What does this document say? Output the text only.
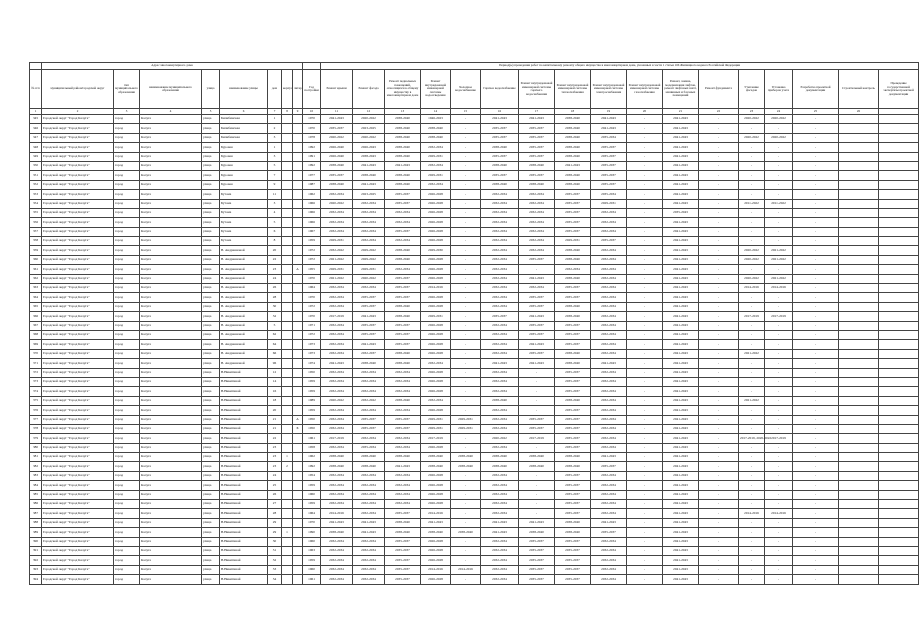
	Адрес многоквартирного дома									Период(ы) проведения работ по капитальному ремонту общего имущества в многоквартирном доме, указанных в части 1 статьи 166 Жилищного кодекса Российской Федерации																
№ п/п	муниципальный район/городской округ	тип муниципального образования	наименование муниципального образования	улица	наименование улицы	дом	корпус	литер	Год постройки	Ремонт крыши	Ремонт фасада	Ремонт подвальных помещений, относящихся к общему имуществу в многоквартирном доме	Ремонт внутридомовой инженерной системы водоотведения	Холодное водоснабжение	Горячее водоснабжение	Ремонт внутридомовой инженерной системы горячего водоснабжения	Ремонт внутридомовой инженерной системы теплоснабжения	Ремонт внутридомовой инженерной системы электроснабжения	Ремонт внутридомовой инженерной системы газоснабжения	Ремонт, замена, модернизация лифтов, ремонт лифтовых шахт, машинных и блочных помещений	Ремонт фундамента	Утепление фасадов	Установка приборов учета	Разработка проектной документации	Строительный контроль	Проведение государственной экспертизы проектной документации
1	2	3	4	5	6	7	8	9	10	11	12	13	14	15	16	17	18	19	20	21	22	23	24	25	26	
345	Городской округ "Город Калуга"	город	Калуга	улица	Билибинская	1			1970	2041-2043	2020-2022	2038-2040	1946-2023	-	2041-2043	2041-2043	2038-2040	2041-2043	-	2041-2043	-	2020-2022	2020-2022	-		
346	Городской округ "Город Калуга"	город	Калуга	улица	Билибинская	2			1970	2035-2037	2023-2025	2038-2040	2038-2040	-	2035-2037	2035-2037	2038-2040	2041-2043	-	2041-2043	-	-	-	-		
347	Городской округ "Город Калуга"	город	Калуга	улица	Билибинская	3			1978	2020-2022	2020-2022	2038-2040	2038-2040	-	2035-2037	2035-2037	2038-2040	2035-2034	-	2041-2043	-	2020-2022	2020-2022	-		
348	Городской округ "Город Калуга"	город	Калуга	улица	Буровая	1			1992	2026-2040	2026-2043	2038-2040	2032-2034	-	2038-2040	2035-2037	2038-2040	2035-2037	-	2041-2043	-	-	-	-		
349	Городской округ "Город Калуга"	город	Калуга	улица	Буровая	3			1991	2026-2040	2038-2043	2038-2040	2029-2031	-	2035-2037	2035-2037	2038-2040	2035-2037	-	2041-2043	-	-	-	-		
350	Городской округ "Город Калуга"	город	Калуга	улица	Буровая	5			1992	2038-2040	2041-2043	2041-2043	2032-2034	-	2038-2040	2038-2040	2041-2043	2035-2037	-	2041-2043	-	-	-	-		
351	Городской округ "Город Калуга"	город	Калуга	улица	Буровая	7			1977	2035-2037	2038-2040	2038-2040	2029-2031	-	2035-2037	2035-2037	2038-2040	2035-2037	-	2041-2043	-	-	-	-		
352	Городской округ "Город Калуга"	город	Калуга	улица	Буровая	9			1987	2038-2040	2041-2043	2038-2040	2032-2034	-	2038-2040	2038-2040	2038-2040	2035-2037	-	2041-2043	-	-	-	-		
353	Городской округ "Город Калуга"	город	Калуга	улица	Бутома	11			1962	2032-2034	2023-2025	2035-2037	2026-2028	-	2032-2034	2032-2034	2035-2037	2035-2034	-	2041-2043	-	-	-	-		
354	Городской округ "Город Калуга"	город	Калуга	улица	Бутома	3			1966	2020-2022	2032-2034	2035-2037	2026-2028	-	2032-2034	2032-2034	2035-2037	2029-2031	-	2041-2043	-	2011-2022	2011-2022	-		
355	Городской округ "Город Калуга"	город	Калуга	улица	Бутома	4			1966	2032-2034	2032-2034	2032-2034	2026-2028	-	2032-2034	2032-2034	2035-2037	2032-2034	-	2035-2043	-	-	-	-		
356	Городской округ "Город Калуга"	город	Калуга	улица	Бутома	5			1966	2032-2034	2032-2034	2032-2034	2026-2028	-	2032-2034	2032-2034	2035-2037	2032-2034	-	2041-2043	-	-	-	-		
357	Городской округ "Город Калуга"	город	Калуга	улица	Бутома	6			1967	2032-2034	2032-2034	2035-2037	2026-2028	-	2032-2034	2032-2034	2035-2037	2032-2034	-	2041-2043	-	-	-	-		
358	Городской округ "Город Калуга"	город	Калуга	улица	Бутома	8			1959	2029-2031	2032-2034	2032-2034	2026-2028	-	2032-2034	2032-2034	2029-2031	2035-2037	-	2041-2043	-	-	-	-		
359	Городской округ "Город Калуга"	город	Калуга	улица	В. Андриановой	20			1972	2032-2022	2029-2022	2038-2040	2029-2030	-	2032-2034	2032-2034	2038-2040	2032-2034	-	2041-2043	-	2020-2022	2021-2022	-		
360	Городской округ "Город Калуга"	город	Калуга	улица	В. Андриановой	22			1972	2021-2022	2029-2022	2038-2040	2026-2028	-	2032-2034	2035-2037	2038-2040	2032-2034	-	2041-2043	-	2020-2022	2021-2022	-		
361	Городской округ "Город Калуга"	город	Калуга	улица	В. Андриановой	23		А	1955	2029-2031	2029-2031	2032-2034	2026-2028	-	2032-2034	-	2032-2034	2032-2034	-	2041-2043	-	-	-	-		
362	Городской округ "Город Калуга"	город	Калуга	улица	В. Андриановой	24			1970	2021-2022	2020-2022	2035-2037	2026-2028	-	2032-2034	2041-2043	2038-2040	2032-2034	-	2041-2043	-	2020-2022	2021-2022	-		
363	Городской округ "Город Калуга"	город	Калуга	улица	В. Андриановой	26			1964	2032-2034	2032-2034	2035-2037	2014-2016	-	2032-2034	2032-2034	2035-2037	2032-2034	-	2041-2043	-	2014-2016	2014-2016	-		
364	Городской округ "Город Калуга"	город	Калуга	улица	В. Андриановой	28			1970	2032-2034	2035-2037	2035-2037	2026-2028	-	2032-2034	2035-2037	2035-2037	2032-2034	-	2041-2043	-	-	-	-		
365	Городской округ "Город Калуга"	город	Калуга	улица	В. Андриановой	30			1972	2032-2034	2035-2037	2038-2040	2026-2028	-	2032-2034	2035-2037	2038-2040	2032-2034	-	2041-2043	-	-	-	-		
366	Городской округ "Город Калуга"	город	Калуга	улица	В. Андриановой	32			1970	2017-2019	2041-2043	2038-2040	2029-2031	-	2035-2037	2041-2043	2038-2040	2032-2034	-	2041-2043	-	2017-2019	2017-2019	-		
367	Городской округ "Город Калуга"	город	Калуга	улица	В. Андриановой	5			1971	2032-2034	2035-2037	2035-2037	2026-2028	-	2032-2034	2035-2037	2035-2037	2032-2034	-	2041-2043	-	-	-	-		
368	Городской округ "Город Калуга"	город	Калуга	улица	В. Андриановой	62			1972	2032-2034	2035-2037	2035-2037	2026-2028	-	2032-2034	2035-2037	2035-2037	2032-2034	-	2041-2043	-	-	-	-		
369	Городской округ "Город Калуга"	город	Калуга	улица	В. Андриановой	64			1973	2032-2034	2041-2043	2035-2037	2026-2028	-	2032-2034	2041-2043	2035-2037	2032-2034	-	2041-2043	-	-	-	-		
370	Городской округ "Город Калуга"	город	Калуга	улица	В. Андриановой	66			1973	2032-2034	2032-2037	2038-2040	2026-2028	-	2032-2034	2035-2037	2038-2040	2032-2034	-	2041-2043	-	2021-2022	-	-		
371	Городской округ "Город Калуга"	город	Калуга	улица	В. Андриановой	96			1974	2041-2043	2038-2040	2038-2040	2032-2034	-	2041-2043	2041-2043	2038-2040	2041-2043	-	2041-2043	-	-	-	-		
372	Городской округ "Город Калуга"	город	Калуга	улица	В.Никитиной	12			1950	2032-2034	2032-2034	2032-2034	2026-2028	-	2032-2034	-	2035-2037	2032-2034	-	2041-2043	-	-	-	-		
373	Городской округ "Город Калуга"	город	Калуга	улица	В.Никитиной	14			1959	2032-2034	2032-2034	2032-2034	2026-2028	-	2032-2034	-	2035-2037	2032-2034	-	2041-2043	-	-	-	-		
374	Городской округ "Город Калуга"	город	Калуга	улица	В.Никитиной	16			1959	2032-2034	2032-2034	2032-2034	2026-2028	-	2032-2034	-	2035-2037	2032-2034	-	2041-2043	-	-	-	-		
375	Городской округ "Город Калуга"	город	Калуга	улица	В.Никитиной	18			1989	2020-2022	2032-2022	2038-2040	2032-2034	-	2038-2040	-	2038-2040	2032-2034	-	2041-2043	-	2021-2022	-	-		
376	Городской округ "Город Калуга"	город	Калуга	улица	В.Никитиной	20			1959	2032-2034	2032-2034	2032-2034	2026-2028	-	2032-2034	-	2035-2037	2032-2034	-	2041-2043	-	-	-	-		
377	Городской округ "Город Калуга"	город	Калуга	улица	В.Никитиной	21		А	1950	2032-2034	2035-2037	2035-2037	2029-2031	2029-2031	2032-2034	2035-2037	2035-2037	2032-2034	-	2041-2043	-	-	-	-		
378	Городской округ "Город Калуга"	город	Калуга	улица	В.Никитиной	21		Б	1950	2032-2034	2035-2037	2035-2037	2029-2031	2029-2031	2032-2034	2035-2037	2035-2037	2032-2034	-	2041-2043	-	-	-	-		
379	Городской округ "Город Калуга"	город	Калуга	улица	В.Никитиной	22			1961	2017-2019	2032-2034	2032-2034	2017-2019	-	2020-2022	2017-2019	2035-2037	2032-2034	-	2041-2043	-	2017-2019, 2020-2022	2017-2019	-		
380	Городской округ "Город Калуга"	город	Калуга	улица	В.Никитиной	23			1958	2032-2034	2035-2034	2032-2034	2026-2028	-	2032-2034	-	2035-2037	2032-2034	-	2041-2043	-	-	-	-		
381	Городской округ "Город Калуга"	город	Калуга	улица	В.Никитиной	23	1		1962	2038-2040	2038-2040	2038-2040	2038-2040	2038-2040	2038-2040	2038-2040	2038-2040	2041-2043	-	2041-2043	-	-	-	-		
382	Городской округ "Город Калуга"	город	Калуга	улица	В.Никитиной	23	2		1992	2038-2040	2038-2040	2041-2043	2038-2040	2038-2040	2038-2040	2038-2040	2038-2040	2035-2037	-	2041-2043	-	-	-	-		
383	Городской округ "Город Калуга"	город	Калуга	улица	В.Никитиной	24			1954	2032-2034	2032-2034	2032-2034	2026-2028	-	2032-2034	-	2035-2037	2032-2034	-	2041-2043	-	-	-	-		
384	Городской округ "Город Калуга"	город	Калуга	улица	В.Никитиной	25			1959	2032-2034	2032-2034	2032-2034	2026-2028	-	2032-2034	-	2035-2037	2032-2034	-	2041-2043	-	-	-	-		
385	Городской округ "Город Калуга"	город	Калуга	улица	В.Никитиной	26			1960	2032-2034	2032-2034	2032-2034	2026-2028	-	2032-2034	-	2035-2037	2032-2034	-	2041-2043	-	-	-	-		
386	Городской округ "Город Калуга"	город	Калуга	улица	В.Никитиной	27			1959	2032-2034	2032-2034	2032-2034	2026-2028	-	2032-2034	-	2035-2037	2032-2034	-	2041-2043	-	-	-	-		
387	Городской округ "Город Калуга"	город	Калуга	улица	В.Никитиной	28			1964	2014-2016	2032-2034	2035-2037	2014-2016	-	2032-2034	-	2035-2037	2032-2034	-	2041-2043	-	2014-2016	2014-2016	-		
388	Городской округ "Город Калуга"	город	Калуга	улица	В.Никитиной	29			1970	2041-2043	2041-2043	2038-2040	2041-2043	-	2041-2043	2041-2043	2038-2040	2041-2043	-	2041-2043	-	-	-	-		
389	Городской округ "Город Калуга"	город	Калуга	улица	В.Никитиной	29	1		1990	2038-2040	2041-2043	2038-2040	2038-2040	2038-2040	2041-2043	2038-2040	2038-2040	2035-2037	-	2041-2043	-	-	-	-		
390	Городской округ "Город Калуга"	город	Калуга	улица	В.Никитиной	30			1960	2032-2034	2032-2034	2035-2037	2026-2028	-	2032-2034	2035-2037	2035-2037	2032-2034	-	2041-2043	-	-	-	-		
391	Городской округ "Город Калуга"	город	Калуга	улица	В.Никитиной	31			1963	2032-2034	2032-2034	2035-2037	2026-2028	-	2032-2034	2035-2037	2035-2037	2032-2034	-	2041-2043	-	-	-	-		
392	Городской округ "Город Калуга"	город	Калуга	улица	В.Никитиной	32			1959	2032-2034	2032-2034	2035-2037	2026-2028	-	2032-2034	2035-2037	2035-2037	2032-2034	-	2041-2043	-	-	-	-		
393	Городской округ "Город Калуга"	город	Калуга	улица	В.Никитиной	33			1960	2032-2034	2032-2034	2035-2037	2014-2016	2014-2016	2032-2034	2035-2037	2035-2037	2032-2034	-	2041-2043	-	-	-	-		
394	Городской округ "Город Калуга"	город	Калуга	улица	В.Никитиной	34			1961	2032-2034	2032-2034	2035-2037	2026-2028	-	2032-2034	2035-2037	2035-2037	2032-2034	-	2041-2043	-	-	-	-		
